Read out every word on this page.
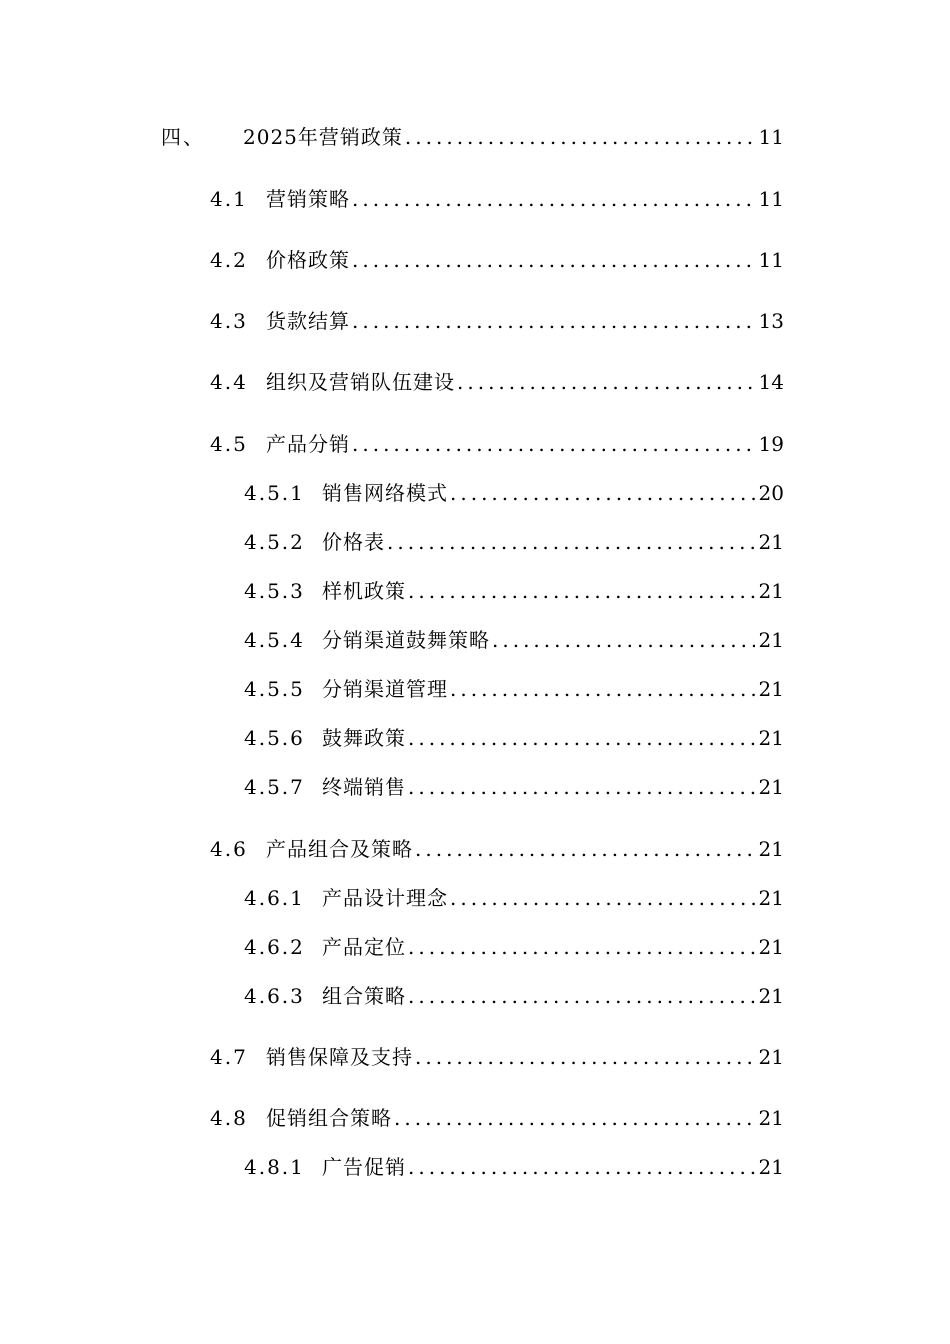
四、	2025年营销政策 .....	11
4.1 营销策略 .....	11
4.2 价格政策 .....	11
4.3 货款结算 .....	13
4.4 组织及营销队伍建设 .....	14
4.5 产品分销 .....	19
4.5.1 销售网络模式 .....	20
4.5.2 价格表 .....	21
4.5.3 样机政策 .....	21
4.5.4 分销渠道鼓舞策略 .....	21
4.5.5 分销渠道管理 .....	21
4.5.6 鼓舞政策 .....	21
4.5.7 终端销售 .....	21
4.6 产品组合及策略 .....	21
4.6.1 产品设计理念 .....	21
4.6.2 产品定位 .....	21
4.6.3 组合策略 .....	21
4.7 销售保障及支持 .....	21
4.8 促销组合策略 .....	21
4.8.1 广告促销 .....	21
